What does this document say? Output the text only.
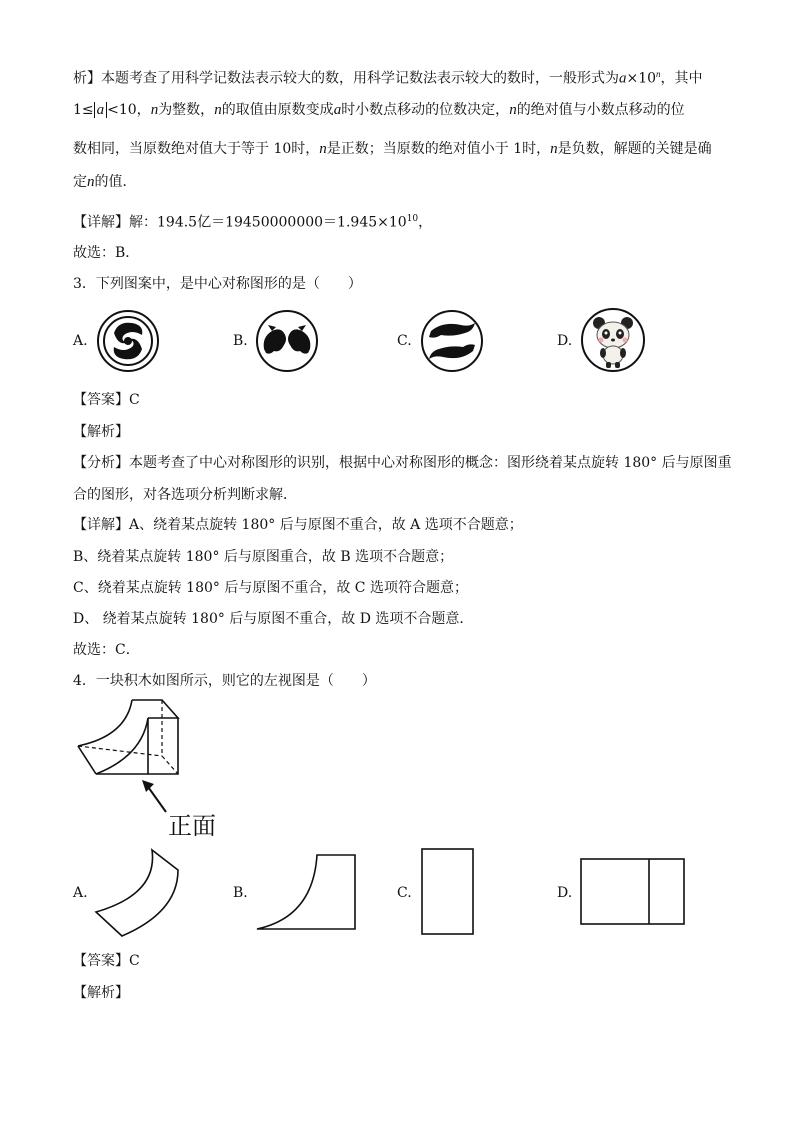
析】本题考查了用科学记数法表示较大的数，用科学记数法表示较大的数时，一般形式为$a\times 10^n$，其中
1≤ a <10，n为整数，n的取值由原数变成a时小数点移动的位数决定，n的绝对值与小数点移动的位
数相同，当原数绝对值大于等于 10时，n是正数；当原数的绝对值小于 1时，n是负数，解题的关键是确
定n的值．
【详解】解：194.5亿$=19450000000=1.945\times 10^{10}$，
故选：B．
3．下列图案中，是中心对称图形的是（　　）
A.	B.	C.	D.
【答案】C
【解析】
【分析】本题考查了中心对称图形的识别，根据中心对称图形的概念：图形绕着某点旋转 180° 后与原图重
合的图形，对各选项分析判断求解．
【详解】A、绕着某点旋转 180° 后与原图不重合，故 A 选项不合题意；
B、绕着某点旋转 180° 后与原图重合，故 B 选项不合题意；
C、绕着某点旋转 180° 后与原图不重合，故 C 选项符合题意；
D、 绕着某点旋转 180° 后与原图不重合，故 D 选项不合题意．
故选：C．
4．一块积木如图所示，则它的左视图是（　　）
正面
A.	B.	C.	D.
【答案】C
【解析】
